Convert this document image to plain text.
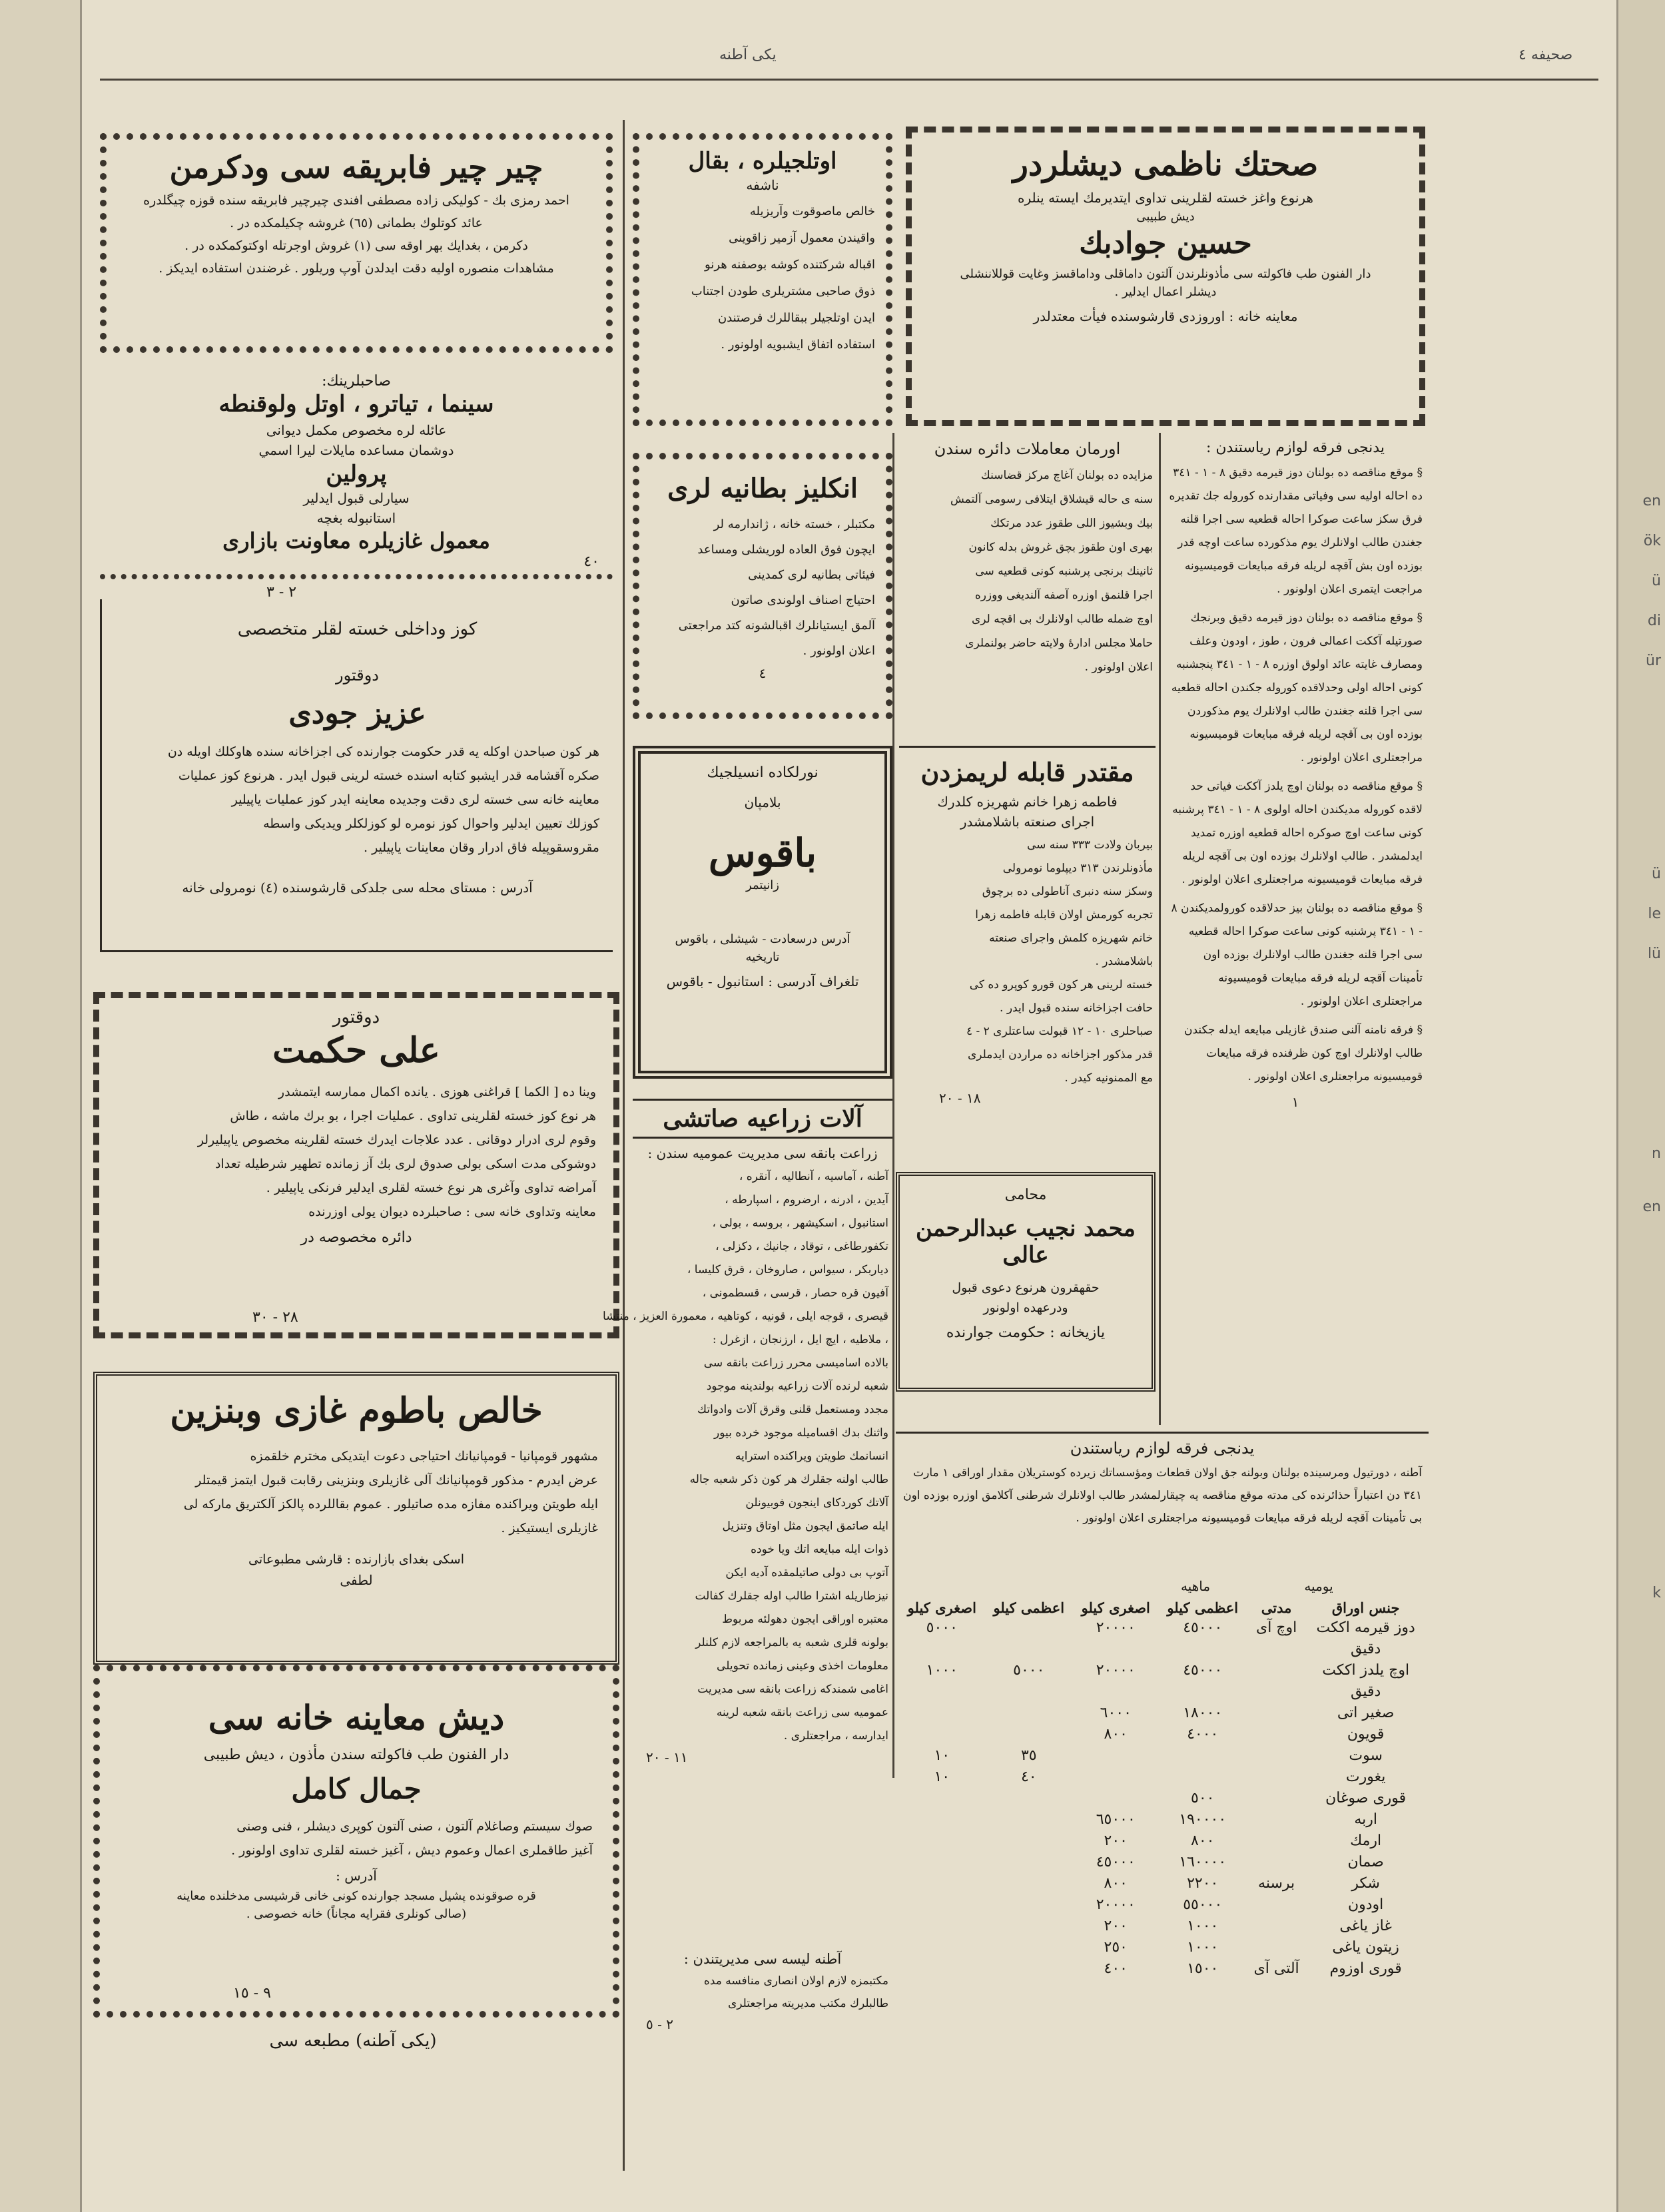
en
ök
ü
di
ür
ü
le
lü
n
en
k
صحيفه ٤
يكى آطنه
چير چير فابريقه سى ودكرمن
احمد رمزى بك - كوليكى زاده مصطفى افندى چيرچير فابريقه سنده قوزه چيگلدره
عائد كوتلوك بطمانى (٦٥) غروشه چكيلمكده در .
دكرمن ، بغدايك بهر اوقه سى (١) غروش اوجرتله اوكتوكمكده در .
مشاهدات منصوره اوليه دقت ايدلدن آوپ وريلور . غرضندن استفاده ايديكز .
صاحبلرينك:
سينما ، تياترو ، اوتل ولوقنطه
عائله لره مخصوص مكمل ديوانى
دوشمان مساعده مايلات ليرا اسمي
پرولين
سيارلى قبول ايدلير
استانبوله بغچه
معمول غازيلره معاونت بازارى
٤٠
٢ - ٣
كوز وداخلى خسته لقلر متخصصى
دوقتور
عزيز جودى
هر كون صباحدن اوكله يه قدر حكومت جوارنده كى اجزاخانه سنده هاوكلك اويله دن
صكره آقشامه قدر ايشبو كتابه اسنده خسته لرينى قبول ايدر . هرنوع كوز عمليات
معاينه خانه سى خسته لرى دقت وجديده معاينه ايدر كوز عمليات ياپيلير
كوزلك تعيين ايدلير واحوال كوز نومره لو كوزلكلر ويديكى واسطه
مقروسقوپيله فاق ادرار وقان معاينات ياپيلير .
آدرس : مستاى محله سى جلدكى قارشوسنده (٤) نومرولى خانه
دوقتور
على حكمت
وينا ده [ الكما ] قراغنى هوزى . يانده اكمال ممارسه ايتمشدر
هر نوع كوز خسته لقلرينى تداوى . عمليات اجرا ، بو برك ماشه ، طاش
وقوم لرى ادرار دوقانى . عدد علاجات ايدرك خسته لقلرينه مخصوص ياپيليرلر
دوشوكى مدت اسكى بولى صدوق لرى بك آز زمانده تطهير شرطيله تعداد
آمراضه تداوى وآغرى هر نوع خسته لقلرى ايدلير فرنكى ياپيلير .
معاينه وتداوى خانه سى : صاحبلرده ديوان يولى اوزرنده
دائره مخصوصه در
٢٨ - ٣٠
خالص باطوم غازى وبنزين
مشهور قومپانيا - قومپانيانك احتياجى دعوت ايتديكى مخترم خلقمزه
عرض ايدرم - مذكور قومپانيانك آلى غازيلرى وبنزينى رقابت قبول ايتمز قيمتلر
ايله طويتن ويراكنده مفازه مده صاتيلور . عموم بقاللرده پالكز آلكتريق ماركه لى
غازيلرى ايستيكيز .
اسكى بغداى بازارنده : قارشى مطبوعاتى
لطفى
ديش معاينه خانه سى
دار الفنون طب فاكولته سندن مأذون ، ديش طبيبى
جمال كامل
صوك سيستم وصاغلام آلتون ، صنى آلتون كوپرى ديشلر ، فنى وصنى
آغيز طاقملرى اعمال وعموم ديش ، آغيز خسته لقلرى تداوى اولونور .
آدرس :
قره صوقونده پشيل مسجد جوارنده كونى خانى قرشيسى مدخلنده معاينه
(صالى كونلرى فقرايه مجاناً) خانه خصوصى .
٩ - ١٥
(يكى آطنه) مطبعه سى
اوتلجيلره ، بقال
ناشفه
خالص ماصوقوت وآريزيله
واقيندن معمول آزمير زاقوينى
اقباله شركتنده كوشه بوصفنه هرنو
ذوق صاحبى مشتريلرى طودن اجتناب
ايدن اوتلجيلر ببقاللرك فرصتندن
استفاده اتفاق ايشبويه اولونور .
انكليز بطانيه لرى
مكتبلر ، خسته خانه ، ژاندارمه لر
ايچون فوق العاده لوريشلى ومساعد
فيئاتى بطانيه لرى كمدينى
احتياج اصناف اولوندى صاتون
آلمق ايستيانلرك اقبالشونه كتد مراجعتى
اعلان اولونور .
٤
نورلكاده انسيلجيك
بلامپان
باقوس
زانيتمر
آدرس درسعادت - شيشلى ، باقوس
تاريخيه
تلغراف آدرسى : استانبول - باقوس
آلات زراعيه صاتشى
زراعت بانقه سى مديريت عموميه سندن :
آطنه ، آماسيه ، آنطاليه ، آنقره ،
آيدين ، ادرنه ، ارضروم ، اسپارطه ،
استانبول ، اسكيشهر ، بروسه ، بولى ،
تكفورطاغى ، توقاد ، جانيك ، دكزلى ،
دياربكر ، سيواس ، صاروخان ، قرق كليسا ،
آفيون قره حصار ، قرسى ، قسطمونى ،
قيصرى ، قوجه ايلى ، قونيه ، كوتاهيه ، معمورة العزيز ، منتشا
، ملاطيه ، ايچ ايل ، ارزنجان ، ازغرل :
بالاده اساميسى محرر زراعت بانقه سى
شعبه لرنده آلات زراعيه بولندينه موجود
مجدد ومستعمل قلنى وقرق آلات وادواتك
واثنك بدك اقساميله موجود خرده بيور
انسانمك طويتن ويراكنده استرايه
طالب اولنه جقلرك هر كون ذكر شعبه جاله
آلاتك كوردكاى اينجون فوبيونلن
ايله صاتمق ايجون مثل اوتاق وتنزيل
ذوات ايله مبايعه اتك ويا خوده
آتوپ بى دولى صاتيلمقده آديه ايكن
نيزطاريله اشترا طالب اوله جقلرك كفالت
معتبره اوراقى ايجون دهولئه مربوط
بولونه قلرى شعبه يه بالمراجعه لازم كلنلر
معلومات اخذى وعينى زمانده تحويلى
اغامى شمندكه زراعت بانقه سى مديريت
عموميه سى زراعت بانقه شعبه لرينه
ايدارسه ، مراجعتلرى .
١١ - ٢٠
آطنه ليسه سى مديريتندن :
مكتبمزه لازم اولان انصارى منافسه مده
طالبلرك مكتب مديريته مراجعتلرى
٢ - ٥
صحتك ناظمى ديشلردر
هرنوع واغز خسته لقلرينى تداوى ايتديرمك ايسته ينلره
ديش طبيبى
حسين جوادبك
دار الفنون طب فاكولته سى مأذونلرندن آلتون داماقلى وداماقسز وغايت قوللاننشلى
ديشلر اعمال ايدلير .
معاينه خانه : اوروزدى قارشوسنده فيأت معتدلدر
اورمان معاملات دائره سندن
مزايده ده بولنان آغاچ مركز قضاسنك
سنه ى حاله قيشلاق ايتلافى رسومى آلتمش
بيك وبشيوز اللى طقوز عدد مرتكك
بهرى اون طقوز بچق غروش بدله كانون
ثانينك برنجى پرشنبه كونى قطعيه سى
اجرا قلنمق اوزره آصفه آلنديغى ووزره
اوچ ضمله طالب اولانلرك بى اقچه لرى
حاملا مجلس ادارۀ ولايته حاضر بولنملرى
اعلان اولونور .
مقتدر قابله لريمزدن
فاطمه زهرا خانم شهريزه كلدرك
اجراى صنعته باشلامشدر
بيربان ولادت ٣٣٣ سنه سى
مأذونلرندن ٣١٣ ديپلوما نومرولى
وسكز سنه دنبرى آناطولى ده برچوق
تجربه كورمش اولان قابله فاطمه زهرا
خانم شهريزه كلمش واجراى صنعته
باشلامشدر .
خسته لرينى هر كون قورو كوپرو ده كى
حافت اجزاخانه سنده قبول ايدر .
صباحلرى ١٠ - ١٢ قبولت ساعتلرى ٢ - ٤
قدر مذكور اجزاخانه ده مراردن ايدملرى
مع الممنونيه كيدر .
١٨ - ٢٠
محامى
محمد نجيب عبدالرحمن عالى
حقهقرون هرنوع دعوى قبول
ودرعهده اولونور
يازيخانه : حكومت جوارنده
يدنجى فرقه لوازم رياستندن :

§ موقع مناقصه ده بولنان دوز قيرمه دقيق ٨ - ١ - ٣٤١ ده احاله اوليه سى وفياتى مقدارنده كوروله جك تقديره فرق سكز ساعت صوكرا احاله قطعيه سى اجرا قلنه جغندن طالب اولانلرك يوم مذكورده ساعت اوچه قدر بوزده اون بش آقچه لريله فرقه مبايعات قوميسيونه مراجعت ايتمرى اعلان اولونور .

§ موقع مناقصه ده بولنان دوز قيرمه دقيق وبرنجك صورتيله آككت اعمالى فرون ، طوز ، اودون وعلف ومصارف غايته عائد اولوق اوزره ٨ - ١ - ٣٤١ پنجشنبه كونى احاله اولى وحدلاقده كوروله جكندن احاله قطعيه سى اجرا قلنه جغندن طالب اولانلرك يوم مذكوردن بوزده اون بى آقچه لريله فرقه مبايعات قوميسيونه مراجعتلرى اعلان اولونور .

§ موقع مناقصه ده بولنان اوچ يلدز آككت فياتى حد لاقده كوروله مديكندن احاله اولوى ٨ - ١ - ٣٤١ پرشنبه كونى ساعت اوچ صوكره احاله قطعيه اوزره تمديد ايدلمشدر . طالب اولانلرك بوزده اون بى آقچه لريله فرقه مبايعات قوميسيونه مراجعتلرى اعلان اولونور .

§ موقع مناقصه ده بولنان بيز حدلاقده كورولمديكندن ٨ - ١ - ٣٤١ پرشنبه كونى ساعت صوكرا احاله قطعيه سى اجرا قلنه جغندن طالب اولانلرك بوزده اون تأمينات آقچه لريله فرقه مبايعات قوميسيونه مراجعتلرى اعلان اولونور .

§ فرقه نامنه آلنى صندق غازيلى مبايعه ايدله جكندن طالب اولانلرك اوچ كون ظرفنده فرقه مبايعات قوميسيونه مراجعتلرى اعلان اولونور .

١
يدنجى فرقه لوازم رياستندن
آطنه ، دورتيول ومرسينده بولنان وبولنه جق اولان قطعات ومؤسساتك زيرده كوستريلان مقدار اوراقى ١ مارت ٣٤١ دن اعتباراً حذائرنده كى مدته موقع مناقصه يه چيقارلمشدر طالب اولانلرك شرطنى آكلامق اوزره بوزده اون بى تأمينات آقچه لريله فرقه مبايعات قوميسيونه مراجعتلرى اعلان اولونور .
يوميه
ماهيه
جنس اوراق	مدتى	اعظمى كيلو	اصغرى كيلو	اعظمى كيلو	اصغرى كيلو
دوز قيرمه اككت	اوچ آى	٤٥٠٠٠	٢٠٠٠٠		٥٠٠٠
دقيق					
اوچ يلدز اككت		٤٥٠٠٠	٢٠٠٠٠	٥٠٠٠	١٠٠٠
دقيق					
صغير اتى		١٨٠٠٠	٦٠٠٠		
قويون		٤٠٠٠	٨٠٠		
سوت				٣٥	١٠
يغورت				٤٠	١٠
قورى صوغان		٥٠٠			
اربه		١٩٠٠٠٠	٦٥٠٠٠		
ارمك		٨٠٠	٢٠٠		
صمان		١٦٠٠٠٠	٤٥٠٠٠		
شكر	برسنه	٢٢٠٠	٨٠٠		
اودون		٥٥٠٠٠	٢٠٠٠٠		
غاز ياغى		١٠٠٠	٢٠٠		
زيتون ياغى		١٠٠٠	٢٥٠		
قورى اوزوم	آلتى آى	١٥٠٠	٤٠٠		
